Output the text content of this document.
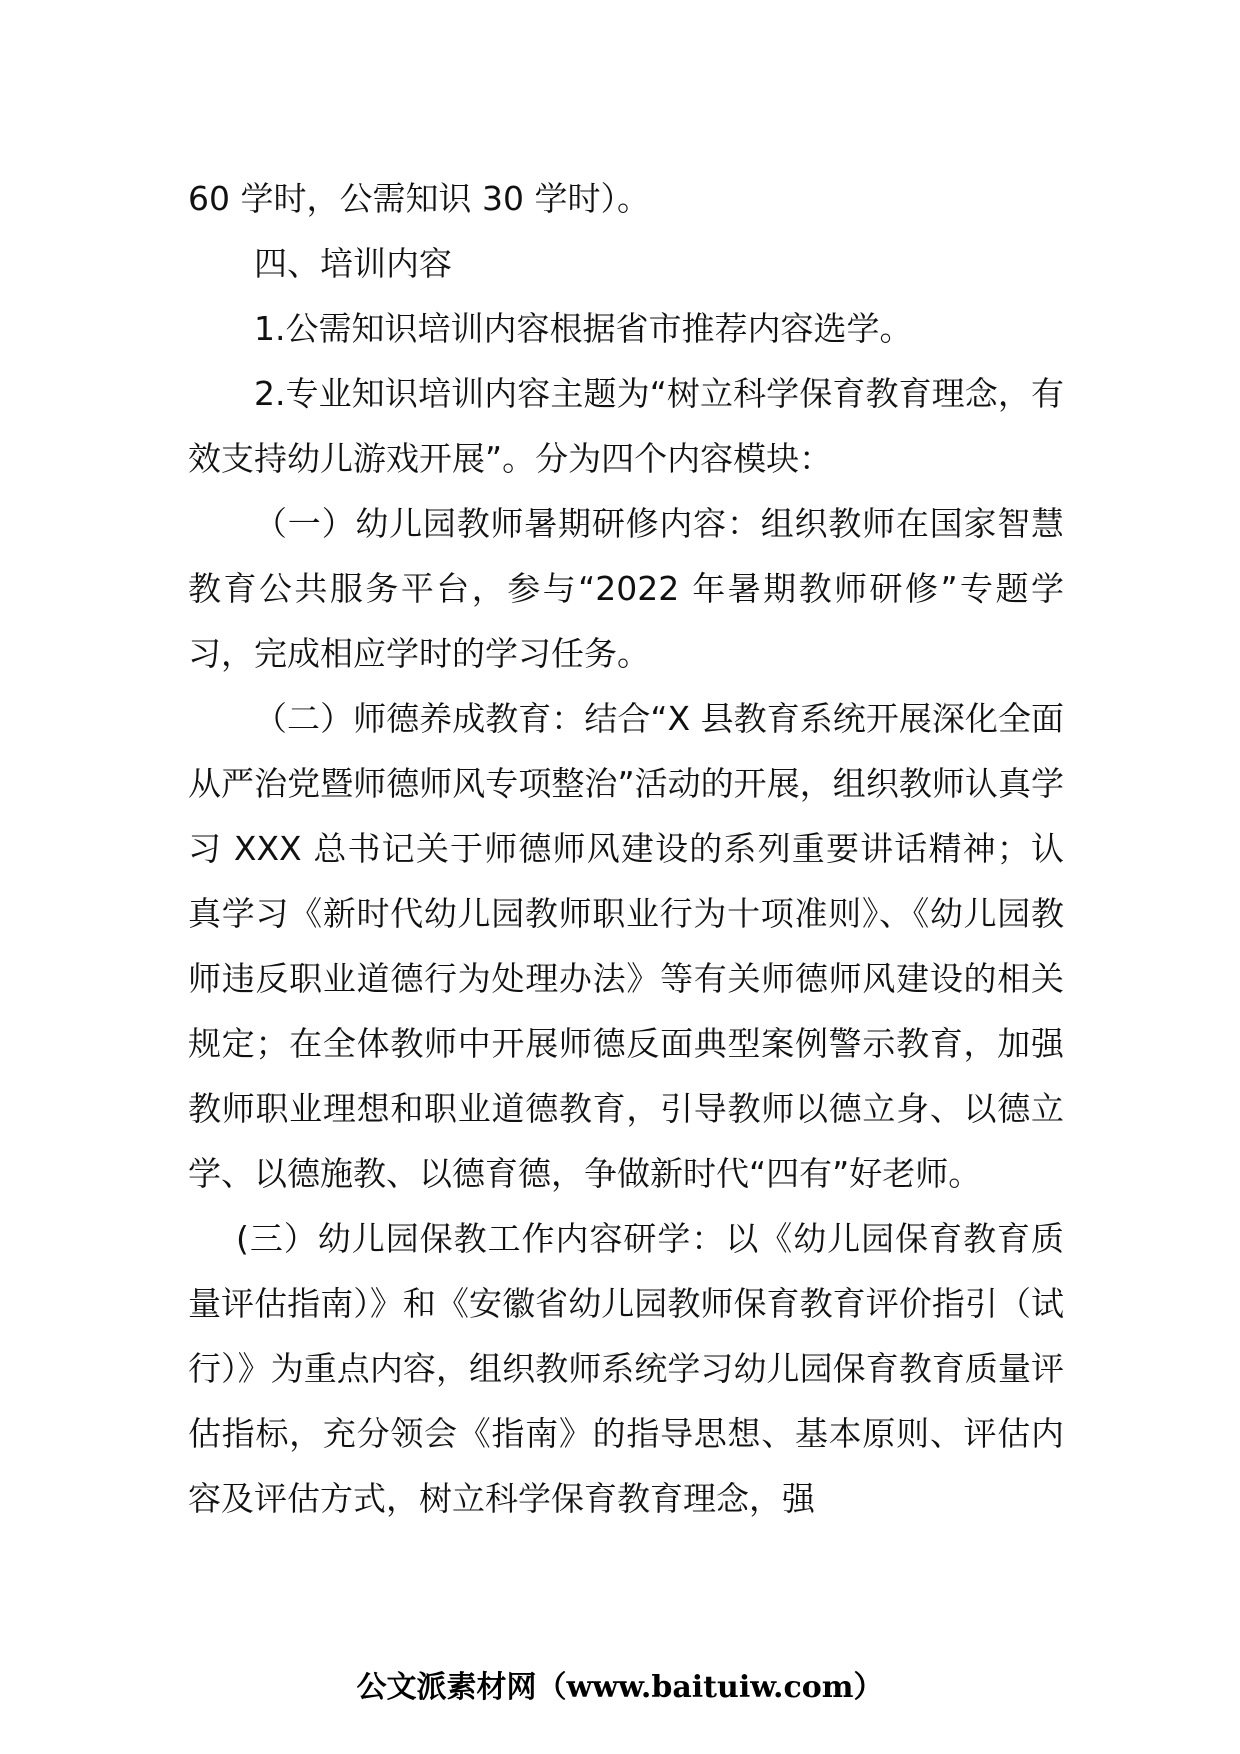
60 学时，公需知识 30 学时）。

四、培训内容

1.公需知识培训内容根据省市推荐内容选学。

2.专业知识培训内容主题为“树立科学保育教育理念，有效支持幼儿游戏开展”。分为四个内容模块：

（一）幼儿园教师暑期研修内容：组织教师在国家智慧教育公共服务平台，参与“2022 年暑期教师研修”专题学习，完成相应学时的学习任务。

（二）师德养成教育：结合“X 县教育系统开展深化全面从严治党暨师德师风专项整治”活动的开展，组织教师认真学习 XXX 总书记关于师德师风建设的系列重要讲话精神；认真学习《新时代幼儿园教师职业行为十项准则》、《幼儿园教师违反职业道德行为处理办法》等有关师德师风建设的相关规定；在全体教师中开展师德反面典型案例警示教育，加强教师职业理想和职业道德教育，引导教师以德立身、以德立学、以德施教、以德育德，争做新时代“四有”好老师。

(三）幼儿园保教工作内容研学：以《幼儿园保育教育质量评估指南）》和《安徽省幼儿园教师保育教育评价指引（试行）》为重点内容，组织教师系统学习幼儿园保育教育质量评估指标，充分领会《指南》的指导思想、基本原则、评估内容及评估方式，树立科学保育教育理念，强

公文派素材网（www.baituiw.com）
